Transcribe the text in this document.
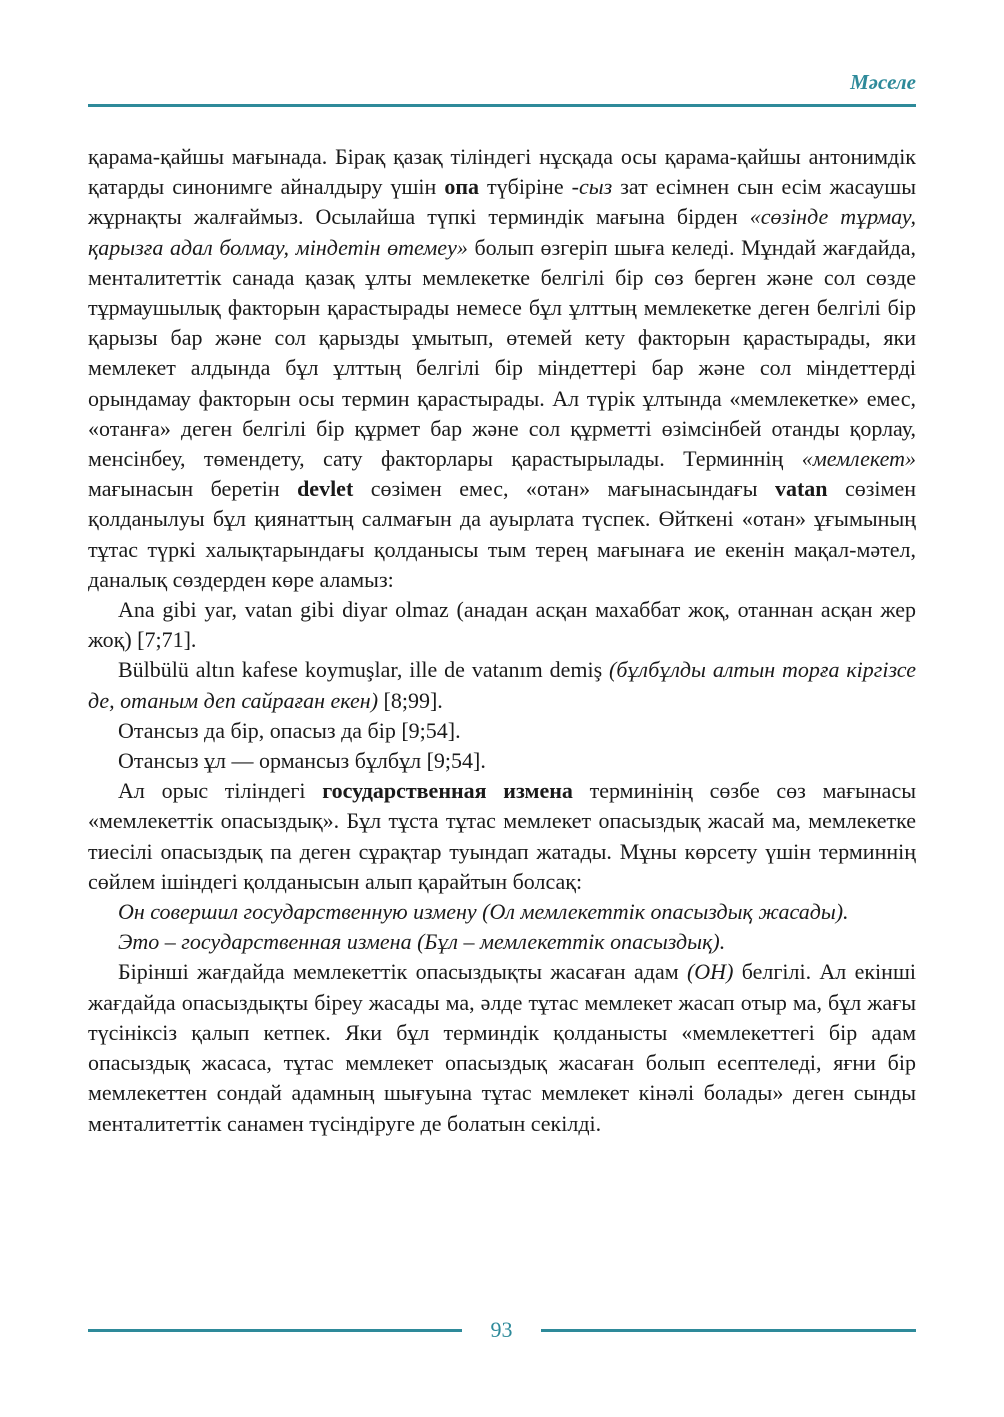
Мәселе

қарама-қайшы мағынада. Бірақ қазақ тіліндегі нұсқада осы қарама-қайшы антонимдік қатарды синонимге айналдыру үшін опа түбіріне -сыз зат есімнен сын есім жасаушы жұрнақты жалғаймыз. Осылайша түпкі терминдік мағына бірден «сөзінде тұрмау, қарызға адал болмау, міндетін өтемеу» болып өзгеріп шыға келеді. Мұндай жағдайда, менталитеттік санада қазақ ұлты мемлекетке белгілі бір сөз берген және сол сөзде тұрмаушылық факторын қарастырады немесе бұл ұлттың мемлекетке деген белгілі бір қарызы бар және сол қарызды ұмытып, өтемей кету факторын қарастырады, яки мемлекет алдында бұл ұлттың белгілі бір міндеттері бар және сол міндеттерді орындамау факторын осы термин қарастырады. Ал түрік ұлтында «мемлекетке» емес, «отанға» деген белгілі бір құрмет бар және сол құрметті өзімсінбей отанды қорлау, менсінбеу, төмендету, сату факторлары қарастырылады. Терминнің «мемлекет» мағынасын беретін devlet сөзімен емес, «отан» мағынасындағы vatan сөзімен қолданылуы бұл қиянаттың салмағын да ауырлата түспек. Өйткені «отан» ұғымының тұтас түркі халықтарындағы қолданысы тым терең мағынаға ие екенін мақал-мәтел, даналық сөздерден көре аламыз:

Ana gibi yar, vatan gibi diyar olmaz (анадан асқан махаббат жоқ, отаннан асқан жер жоқ) [7;71].

Bülbülü altın kafese koymuşlar, ille de vatanım demiş (бұлбұлды алтын торға кіргізсе де, отаным деп сайраған екен) [8;99].

Отансыз да бір, опасыз да бір [9;54].

Отансыз ұл — ормансыз бұлбұл [9;54].

Ал орыс тіліндегі государственная измена терминінің сөзбе сөз мағынасы «мемлекеттік опасыздық». Бұл тұста тұтас мемлекет опасыздық жасай ма, мемлекетке тиесілі опасыздық па деген сұрақтар туындап жатады. Мұны көрсету үшін терминнің сөйлем ішіндегі қолданысын алып қарайтын болсақ:

Он совершил государственную измену (Ол мемлекеттік опасыздық жасады).

Это – государственная измена (Бұл – мемлекеттік опасыздық).

Бірінші жағдайда мемлекеттік опасыздықты жасаған адам (ОН) белгілі. Ал екінші жағдайда опасыздықты біреу жасады ма, әлде тұтас мемлекет жасап отыр ма, бұл жағы түсініксіз қалып кетпек. Яки бұл терминдік қолданысты «мемлекеттегі бір адам опасыздық жасаса, тұтас мемлекет опасыздық жасаған болып есептеледі, яғни бір мемлекеттен сондай адамның шығуына тұтас мемлекет кінәлі болады» деген сынды менталитеттік санамен түсіндіруге де болатын секілді.

93
